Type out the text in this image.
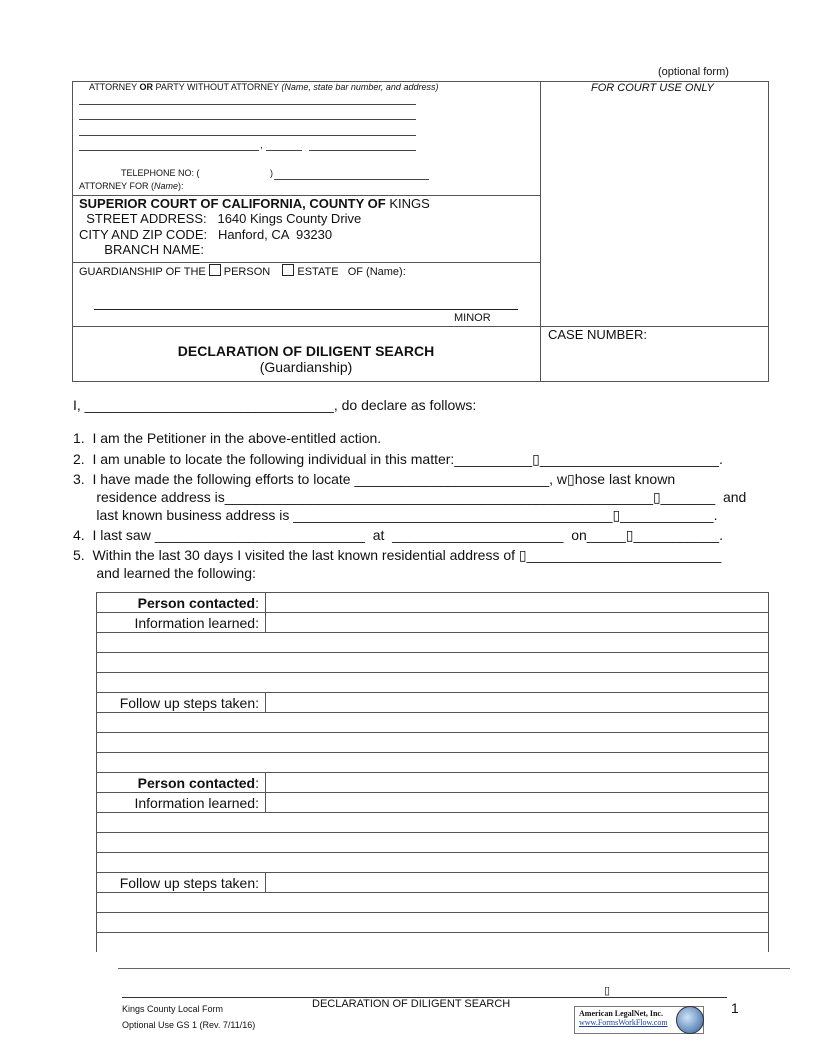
(optional form)
ATTORNEY OR PARTY WITHOUT ATTORNEY (Name, state bar number, and address)	FOR COURT USE ONLY
,
TELEPHONE NO: (	)
ATTORNEY FOR (Name):
SUPERIOR COURT OF CALIFORNIA, COUNTY OF KINGS
STREET ADDRESS:   1640 Kings County Drive
CITY AND ZIP CODE:   Hanford, CA  93230
BRANCH NAME:
GUARDIANSHIP OF THE PERSON ESTATE OF (Name):
MINOR
CASE NUMBER:
DECLARATION OF DILIGENT SEARCH
(Guardianship)
I, ________________________________, do declare as follows:
1.  I am the Petitioner in the above-entitled action.
2.  I am unable to locate the following individual in this matter:__________▯_______________________.
3.  I have made the following efforts to locate _________________________, w▯hose last known
residence address is_______________________________________________________▯_______  and
last known business address is _________________________________________▯____________.
4.  I last saw ___________________________  at  ______________________  on_____▯___________.
5.  Within the last 30 days I visited the last known residential address of ▯_________________________
and learned the following:
Person contacted:	
Information learned:	

Follow up steps taken:	

Person contacted:	
Information learned:	

Follow up steps taken:	

▯
Kings County Local Form
Optional Use GS 1 (Rev. 7/11/16)
DECLARATION OF DILIGENT SEARCH	1
American LegalNet, Inc.
www.FormsWorkFlow.com
